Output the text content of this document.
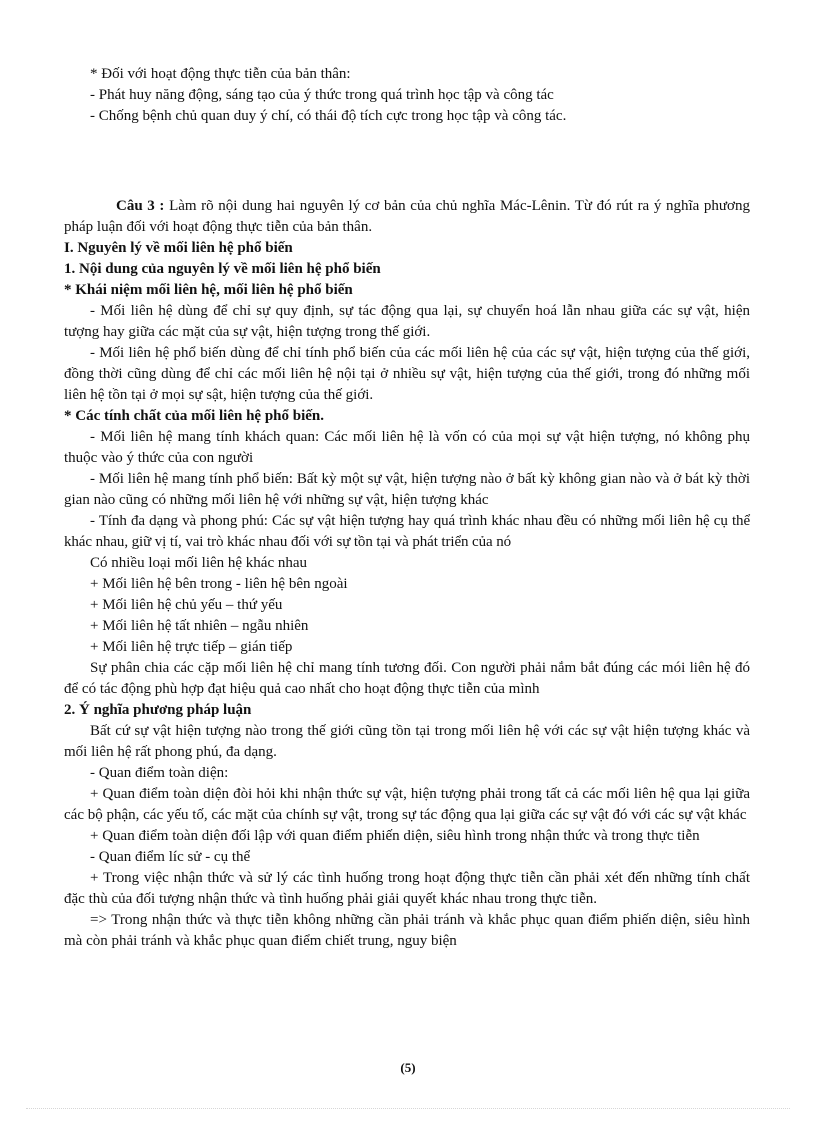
* Đối với hoạt động thực tiễn của bản thân:

- Phát huy năng động, sáng tạo của ý thức trong quá trình học tập và công tác

- Chống bệnh chủ quan duy ý chí, có thái độ tích cực trong học tập và công tác.

Câu 3 : Làm rõ nội dung hai nguyên lý cơ bản của chủ nghĩa Mác-Lênin. Từ đó rút ra ý nghĩa phương pháp luận đối với hoạt động thực tiễn của bản thân.

I. Nguyên lý về mối liên hệ phổ biến

1. Nội dung của nguyên lý về mối liên hệ phổ biến

* Khái niệm mối liên hệ, mối liên hệ phổ biến

- Mối liên hệ dùng để chỉ sự quy định, sự tác động qua lại, sự chuyển hoá lẫn nhau giữa các sự vật, hiện tượng hay giữa các mặt của sự vật, hiện tượng trong thế giới.

- Mối liên hệ phổ biến dùng để chỉ tính phổ biến của các mối liên hệ của các sự vật, hiện tượng của thế giới, đồng thời cũng dùng để chỉ các mối liên hệ nội tại ở nhiều sự vật, hiện tượng của thế giới, trong đó những mối liên hệ tồn tại ở mọi sự sật, hiện tượng của thế giới.

* Các tính chất của mối liên hệ phổ biến.

- Mối liên hệ mang tính khách quan: Các mối liên hệ là vốn có của mọi sự vật hiện tượng, nó không phụ thuộc vào ý thức của con người

- Mối liên hệ mang tính phổ biến: Bất kỳ một sự vật, hiện tượng nào ở bất kỳ không gian nào và ở bát kỳ thời gian nào cũng có những mối liên hệ với những sự vật, hiện tượng khác

- Tính đa dạng và phong phú: Các sự vật hiện tượng hay quá trình khác nhau đều có những mối liên hệ cụ thể khác nhau, giữ vị tí, vai trò khác nhau đối với sự tồn tại và phát triển của nó

Có nhiều loại mối liên hệ khác nhau

+ Mối liên hệ bên trong - liên hệ bên ngoài

+ Mối liên hệ chủ yếu – thứ yếu

+ Mối liên hệ tất nhiên – ngẫu nhiên

+ Mối liên hệ trực tiếp – gián tiếp

Sự phân chia các cặp mối liên hệ chỉ mang tính tương đối. Con người phải nắm bắt đúng các mói liên hệ đó để có tác động phù hợp đạt hiệu quả cao nhất cho hoạt động thực tiễn của mình

2. Ý nghĩa phương pháp luận

Bất cứ sự vật hiện tượng nào trong thế giới cũng tồn tại trong mối liên hệ với các sự vật hiện tượng khác và mối liên hệ rất phong phú, đa dạng.

- Quan điểm toàn diện:

+ Quan điểm toàn diện đòi hỏi khi nhận thức sự vật, hiện tượng phải trong tất cả các mối liên hệ qua lại giữa các bộ phận, các yếu tố, các mặt của chính sự vật, trong sự tác động qua lại giữa các sự vật đó với các sự vật khác

+ Quan điểm toàn diện đối lập với quan điểm phiến diện, siêu hình trong nhận thức và trong thực tiễn

- Quan điểm líc sử - cụ thể

+ Trong việc nhận thức và sử lý các tình huống trong hoạt động thực tiễn cần phải xét đến những tính chất đặc thù của đối tượng nhận thức và tình huống phải giải quyết khác nhau trong thực tiễn.

=> Trong nhận thức và thực tiễn không những cần phải tránh và khắc phục quan điểm phiến diện, siêu hình mà còn phải tránh và khắc phục quan điểm chiết trung, nguy biện

(5)
